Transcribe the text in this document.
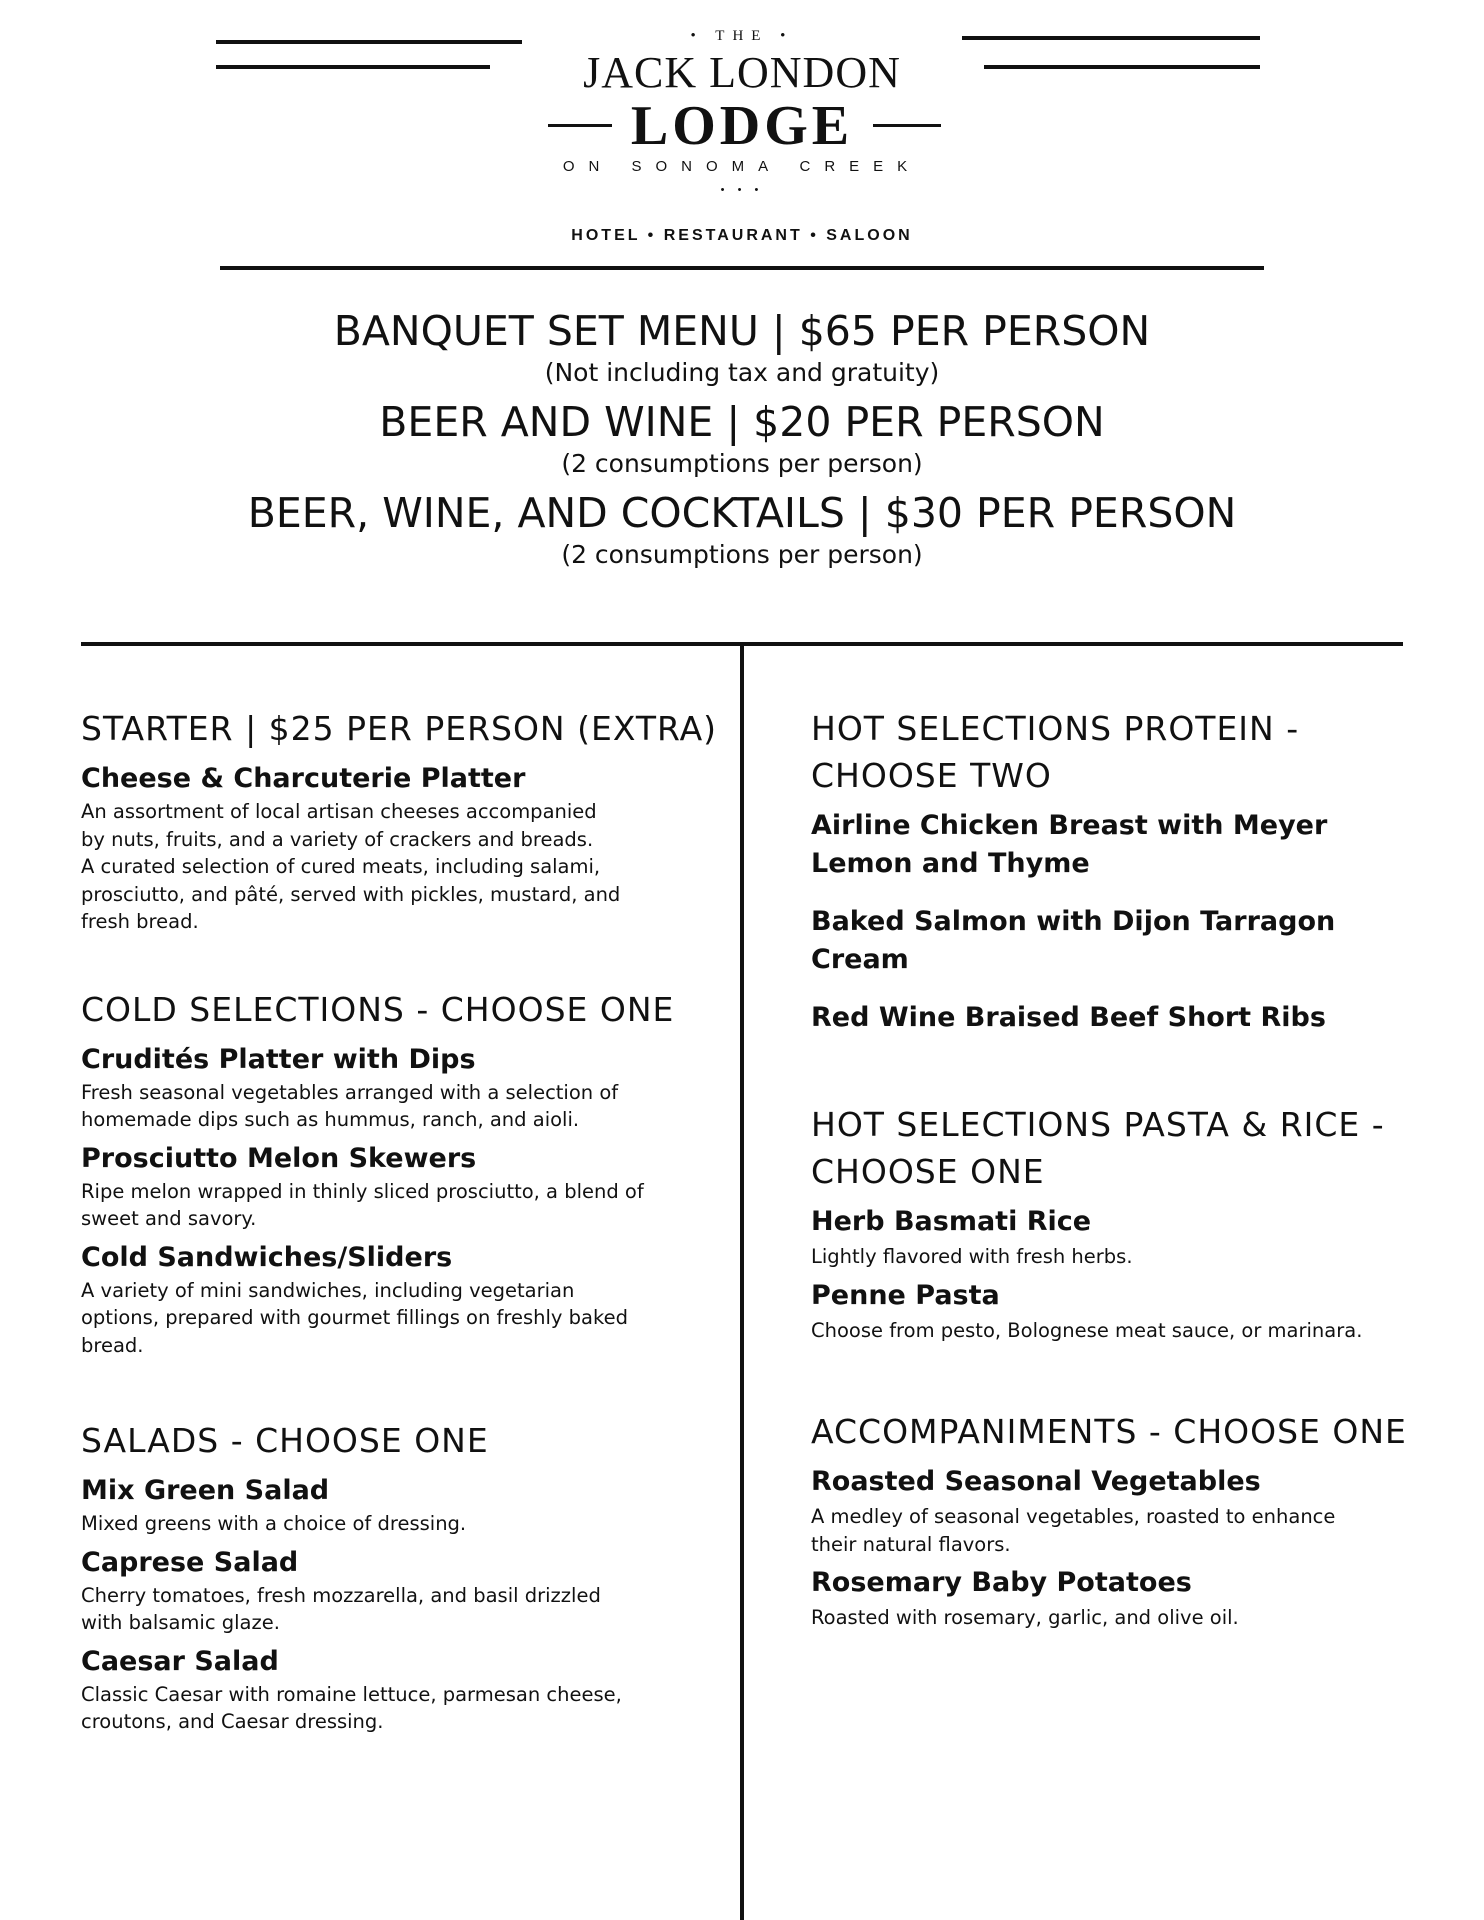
• THE •
JACK LONDON
LODGE
ON SONOMA CREEK
• • •
HOTEL • RESTAURANT • SALOON
BANQUET SET MENU | $65 PER PERSON
(Not including tax and gratuity)
BEER AND WINE | $20 PER PERSON
(2 consumptions per person)
BEER, WINE, AND COCKTAILS | $30 PER PERSON
(2 consumptions per person)
STARTER | $25 PER PERSON (EXTRA)
Cheese & Charcuterie Platter
An assortment of local artisan cheeses accompanied
by nuts, fruits, and a variety of crackers and breads.
A curated selection of cured meats, including salami,
prosciutto, and pâté, served with pickles, mustard, and
fresh bread.
COLD SELECTIONS - CHOOSE ONE
Crudités Platter with Dips
Fresh seasonal vegetables arranged with a selection of
homemade dips such as hummus, ranch, and aioli.
Prosciutto Melon Skewers
Ripe melon wrapped in thinly sliced prosciutto, a blend of
sweet and savory.
Cold Sandwiches/Sliders
A variety of mini sandwiches, including vegetarian
options, prepared with gourmet fillings on freshly baked
bread.
SALADS - CHOOSE ONE
Mix Green Salad
Mixed greens with a choice of dressing.
Caprese Salad
Cherry tomatoes, fresh mozzarella, and basil drizzled
with balsamic glaze.
Caesar Salad
Classic Caesar with romaine lettuce, parmesan cheese,
croutons, and Caesar dressing.
HOT SELECTIONS PROTEIN -
CHOOSE TWO
Airline Chicken Breast with Meyer
Lemon and Thyme
Baked Salmon with Dijon Tarragon Cream
Red Wine Braised Beef Short Ribs
HOT SELECTIONS PASTA & RICE -
CHOOSE ONE
Herb Basmati Rice
Lightly flavored with fresh herbs.
Penne Pasta
Choose from pesto, Bolognese meat sauce, or marinara.
ACCOMPANIMENTS - CHOOSE ONE
Roasted Seasonal Vegetables
A medley of seasonal vegetables, roasted to enhance
their natural flavors.
Rosemary Baby Potatoes
Roasted with rosemary, garlic, and olive oil.
